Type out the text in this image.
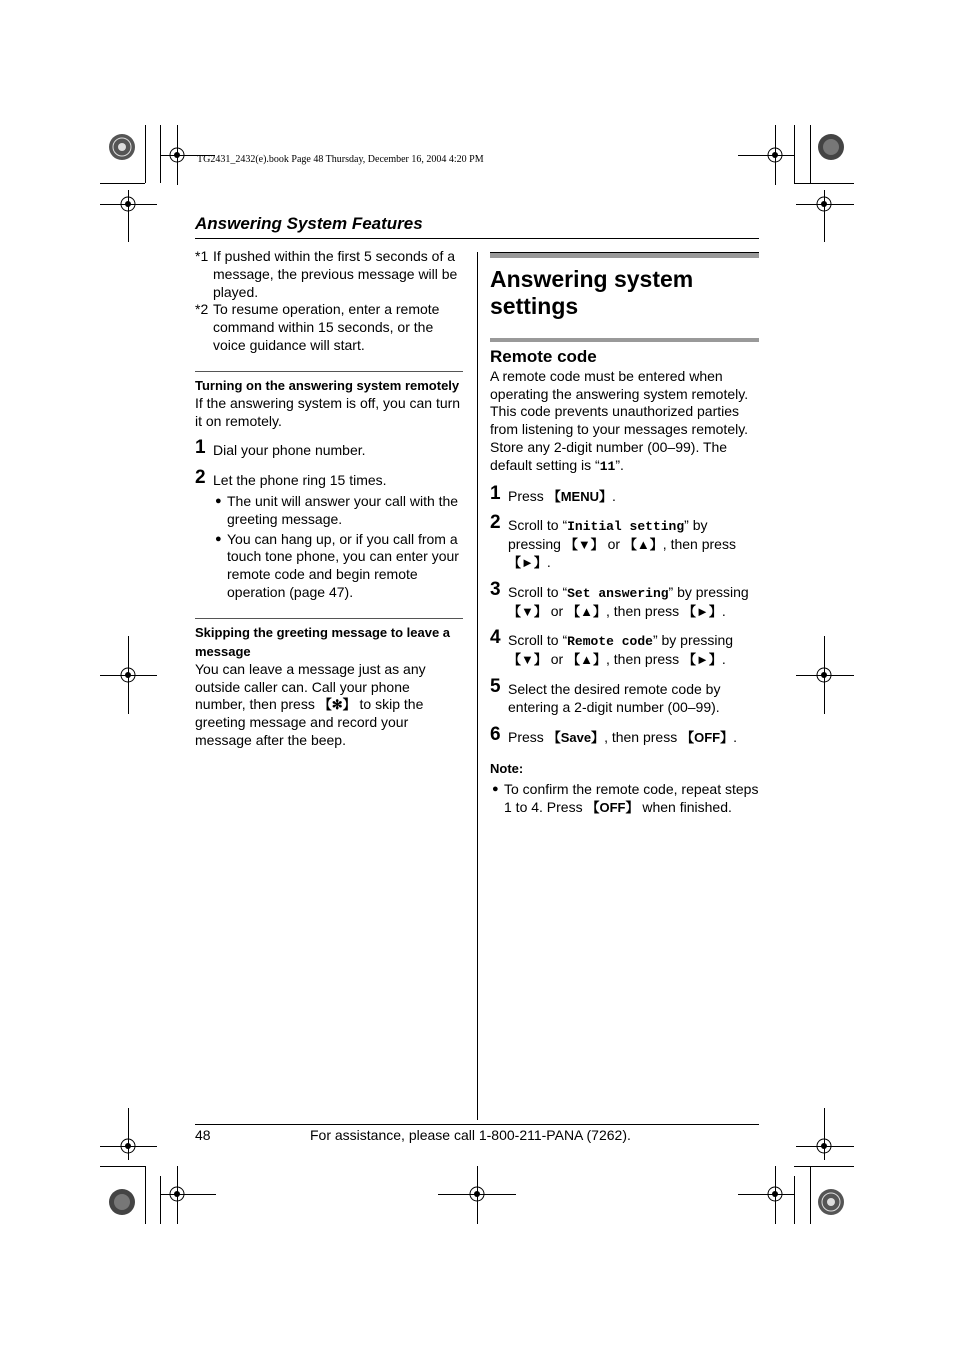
TG2431_2432(e).book Page 48 Thursday, December 16, 2004 4:20 PM
Answering System Features

*1 If pushed within the first 5 seconds of a message, the previous message will be played.

*2 To resume operation, enter a remote command within 15 seconds, or the voice guidance will start.

Turning on the answering system remotely
If the answering system is off, you can turn it on remotely.
1 Dial your phone number.
2 Let the phone ring 15 times.
● The unit will answer your call with the greeting message.
● You can hang up, or if you call from a touch tone phone, you can enter your remote code and begin remote operation (page 47).
Skipping the greeting message to leave a message
You can leave a message just as any outside caller can. Call your phone number, then press 【✻】 to skip the greeting message and record your message after the beep.
Answering system settings
Remote code
A remote code must be entered when operating the answering system remotely. This code prevents unauthorized parties from listening to your messages remotely. Store any 2-digit number (00–99). The default setting is “11”.
1 Press 【MENU】.
2 Scroll to “Initial setting” by pressing 【▼】 or 【▲】, then press 【►】.
3 Scroll to “Set answering” by pressing 【▼】 or 【▲】, then press 【►】.
4 Scroll to “Remote code” by pressing 【▼】 or 【▲】, then press 【►】.
5 Select the desired remote code by entering a 2-digit number (00–99).
6 Press 【Save】, then press 【OFF】.
Note:
● To confirm the remote code, repeat steps 1 to 4. Press 【OFF】 when finished.
48	For assistance, please call 1-800-211-PANA (7262).
